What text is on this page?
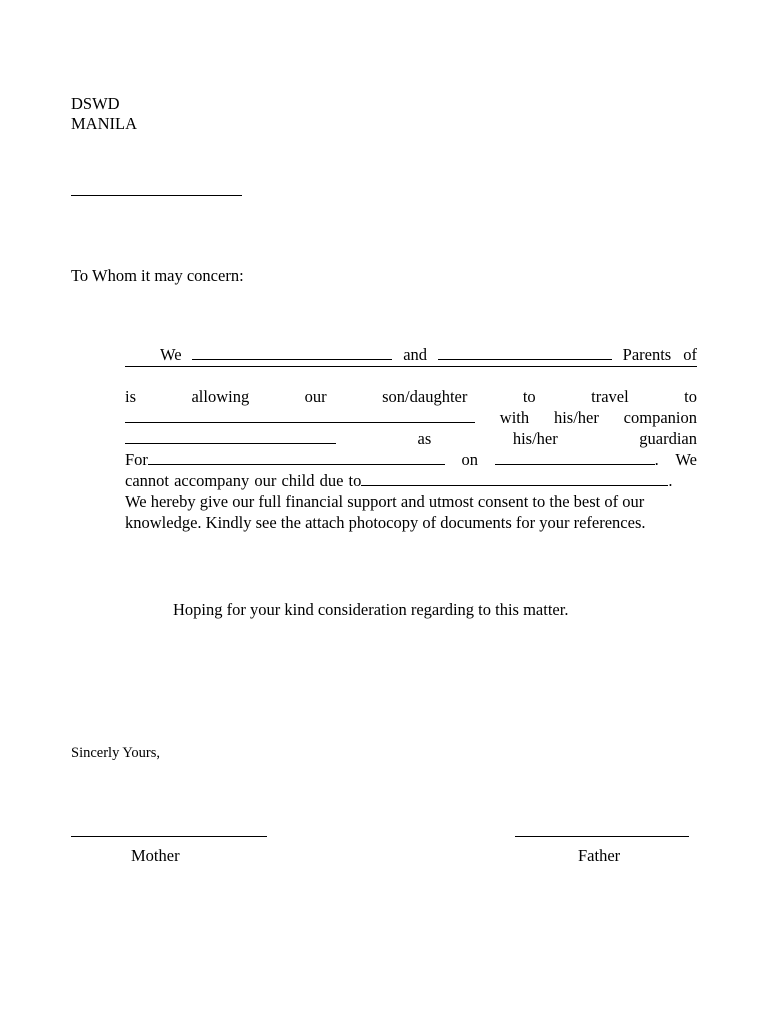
DSWD
MANILA
To Whom it may concern:
We	and	Parents of
is	allowing	our	son/daughter	to	travel	to
with his/her companion
as	his/her	guardian
For	on	. We
cannot accompany our child due to	.
We hereby give our full financial support and utmost consent to the best of our
knowledge. Kindly see the attach photocopy of documents for your references.
Hoping for your kind consideration regarding to this matter.
Sincerly Yours,
Mother	Father
